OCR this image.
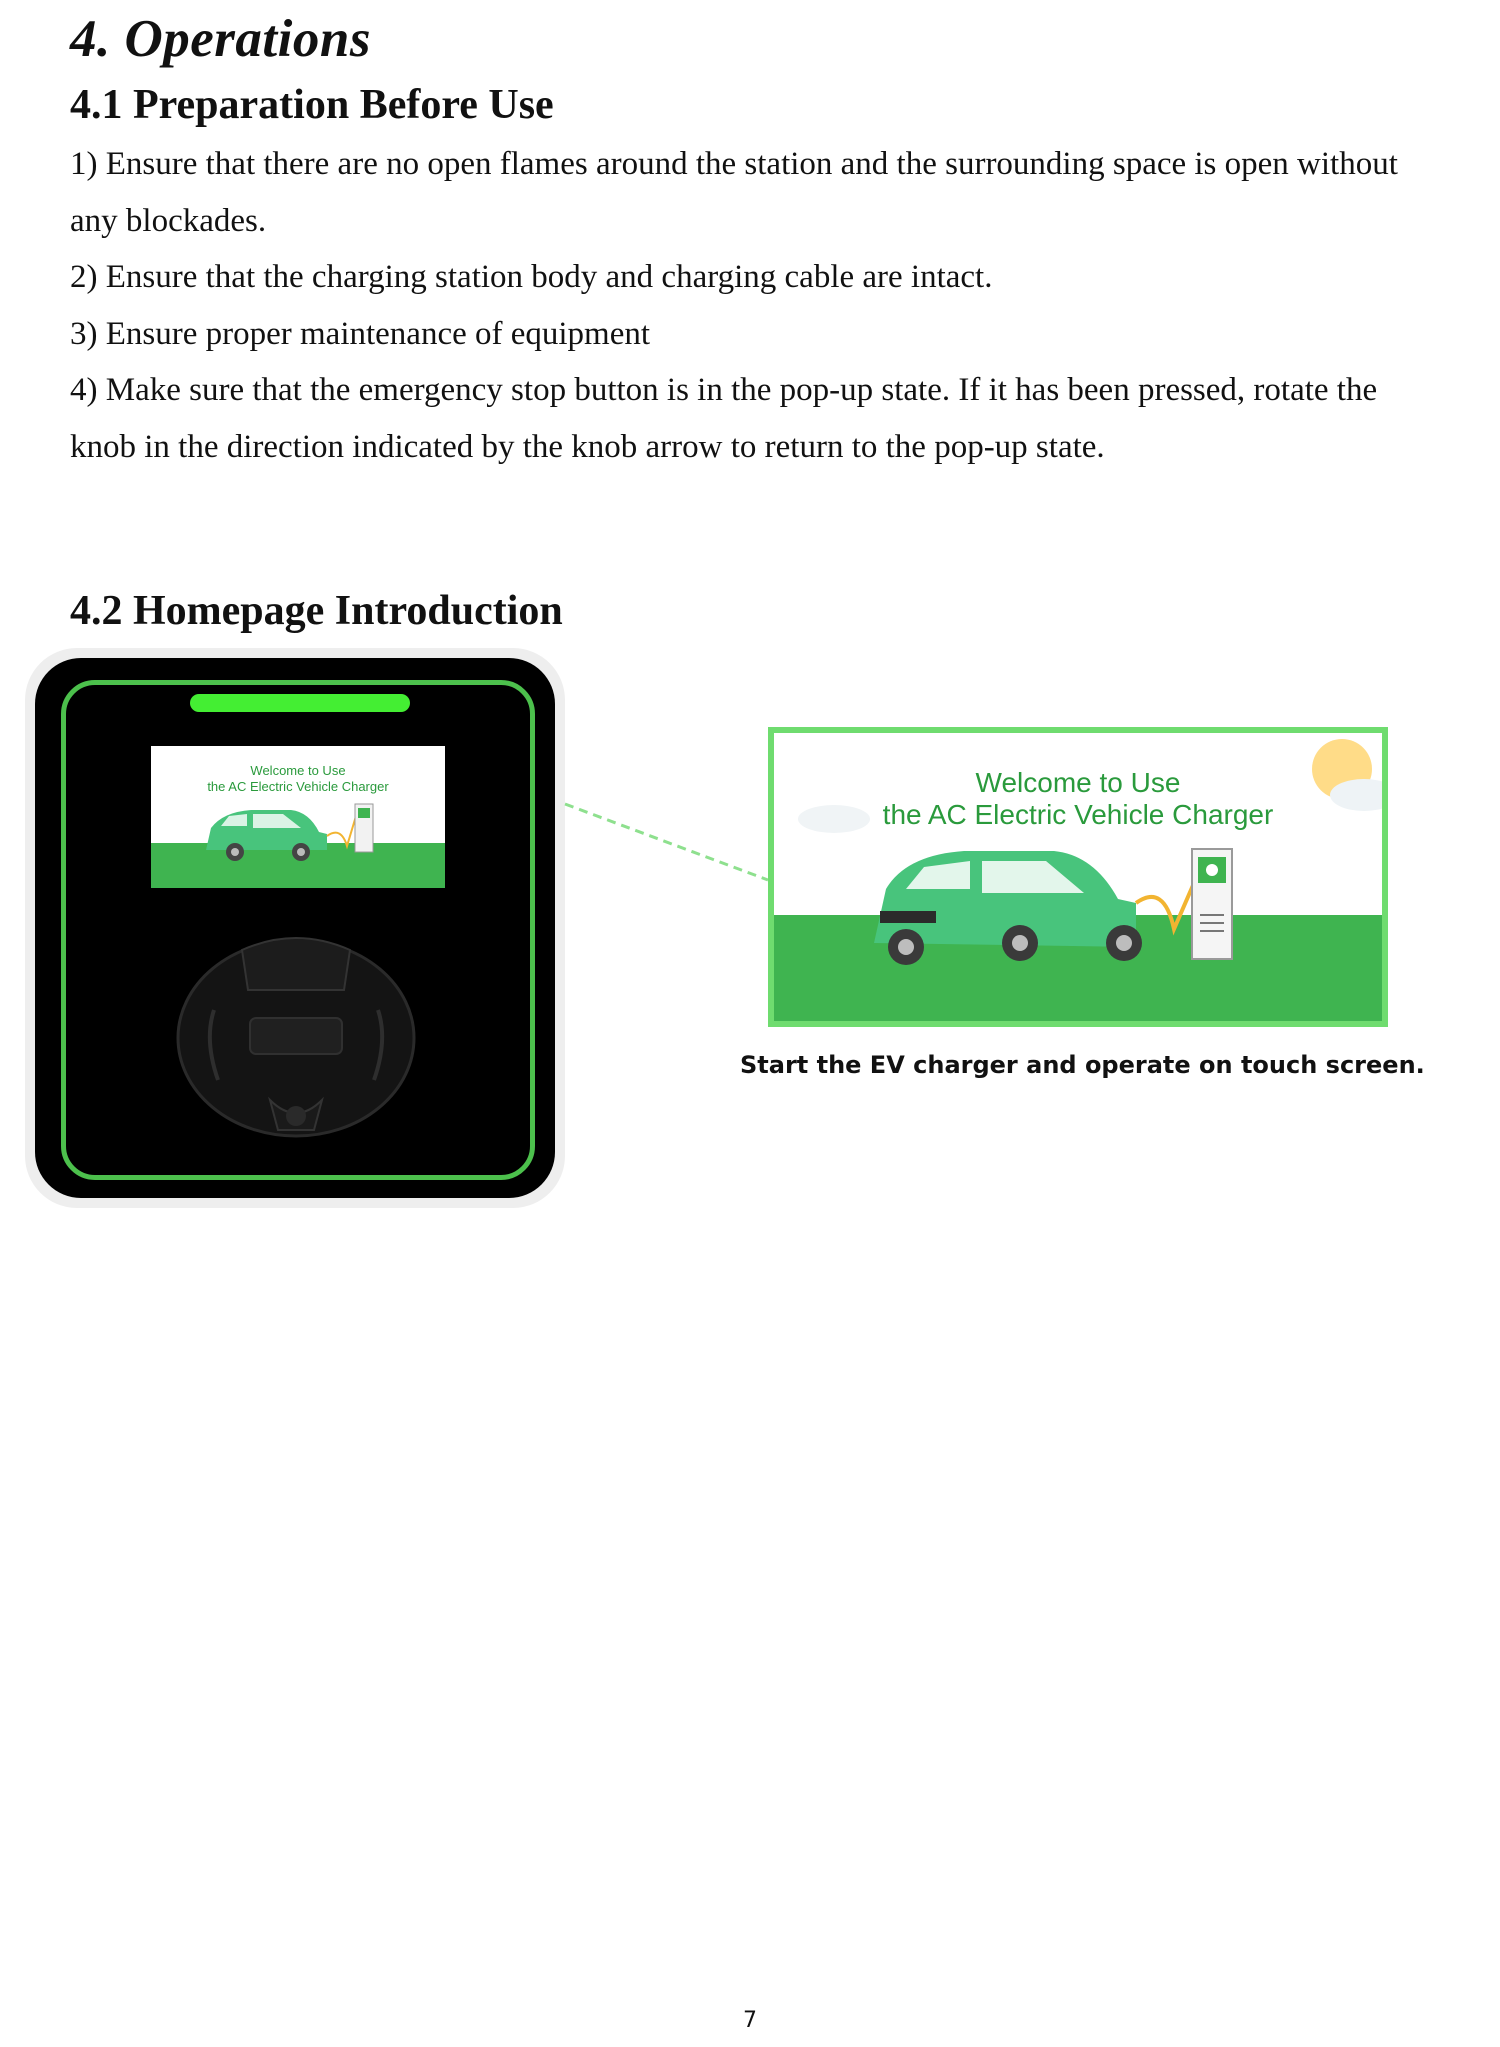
4. Operations
4.1 Preparation Before Use

1) Ensure that there are no open flames around the station and the surrounding space is open without any blockades.

2) Ensure that the charging station body and charging cable are intact.

3) Ensure proper maintenance of equipment

4) Make sure that the emergency stop button is in the pop-up state. If it has been pressed, rotate the knob in the direction indicated by the knob arrow to return to the pop-up state.

4.2 Homepage Introduction
Welcome to Use
the AC Electric Vehicle Charger	Welcome to Use
the AC Electric Vehicle Charger
Start the EV charger and operate on touch screen.
7
